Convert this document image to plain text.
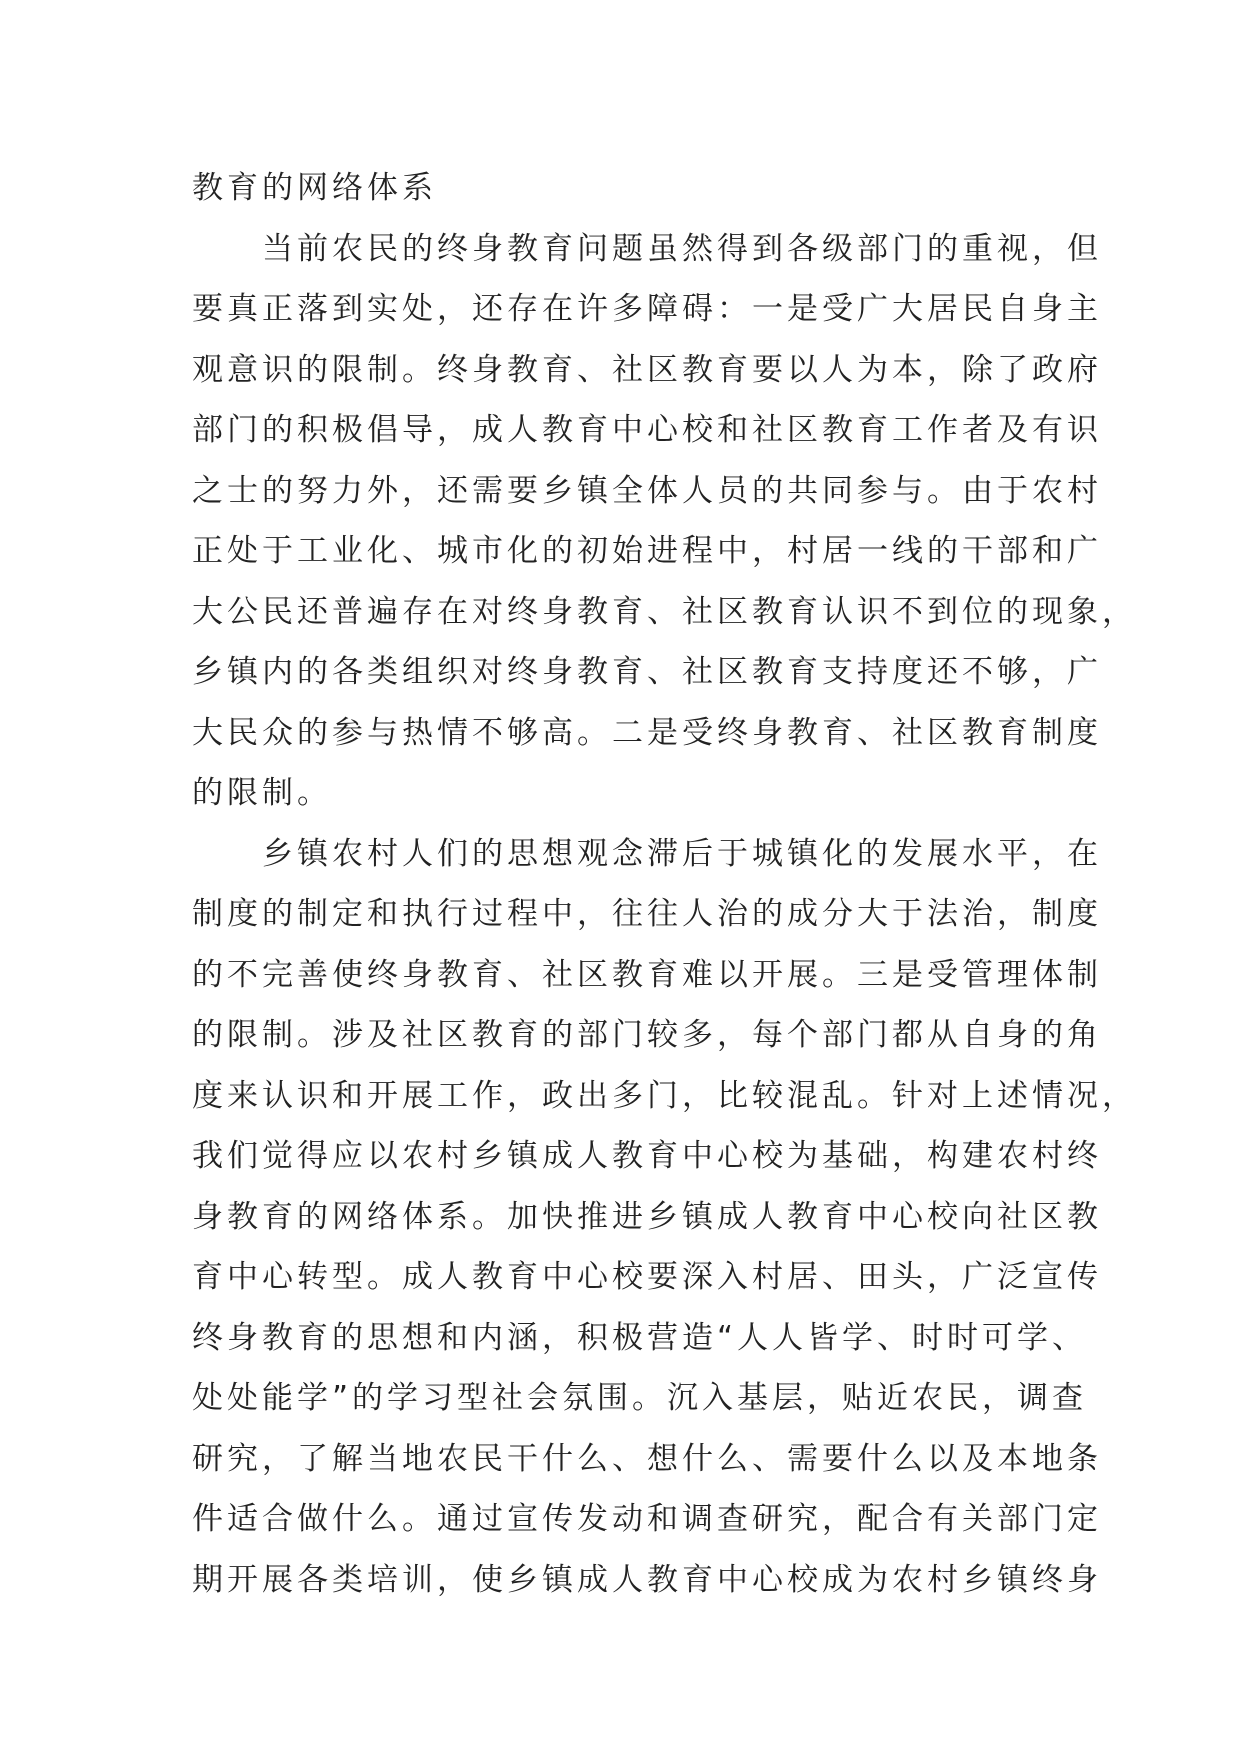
教育的网络体系
当前农民的终身教育问题虽然得到各级部门的重视，但
要真正落到实处，还存在许多障碍：一是受广大居民自身主
观意识的限制。终身教育、社区教育要以人为本，除了政府
部门的积极倡导，成人教育中心校和社区教育工作者及有识
之士的努力外，还需要乡镇全体人员的共同参与。由于农村
正处于工业化、城市化的初始进程中，村居一线的干部和广
大公民还普遍存在对终身教育、社区教育认识不到位的现象，
乡镇内的各类组织对终身教育、社区教育支持度还不够，广
大民众的参与热情不够高。二是受终身教育、社区教育制度
的限制。
乡镇农村人们的思想观念滞后于城镇化的发展水平，在
制度的制定和执行过程中，往往人治的成分大于法治，制度
的不完善使终身教育、社区教育难以开展。三是受管理体制
的限制。涉及社区教育的部门较多，每个部门都从自身的角
度来认识和开展工作，政出多门，比较混乱。针对上述情况，
我们觉得应以农村乡镇成人教育中心校为基础，构建农村终
身教育的网络体系。加快推进乡镇成人教育中心校向社区教
育中心转型。成人教育中心校要深入村居、田头，广泛宣传
终身教育的思想和内涵，积极营造“人人皆学、时时可学、
处处能学”的学习型社会氛围。沉入基层，贴近农民，调查
研究，了解当地农民干什么、想什么、需要什么以及本地条
件适合做什么。通过宣传发动和调查研究，配合有关部门定
期开展各类培训，使乡镇成人教育中心校成为农村乡镇终身
